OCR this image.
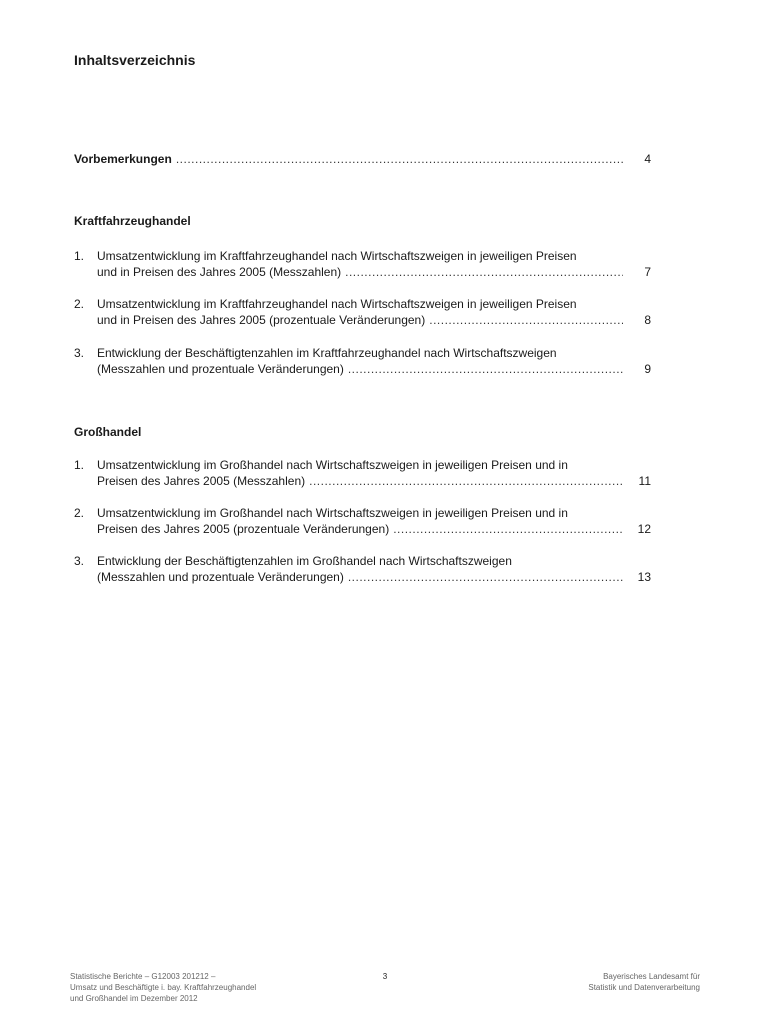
Inhaltsverzeichnis
Vorbemerkungen .....	4
Kraftfahrzeughandel
1. Umsatzentwicklung im Kraftfahrzeughandel nach Wirtschaftszweigen in jeweiligen Preisen
und in Preisen des Jahres 2005 (Messzahlen) .....	7
2. Umsatzentwicklung im Kraftfahrzeughandel nach Wirtschaftszweigen in jeweiligen Preisen
und in Preisen des Jahres 2005 (prozentuale Veränderungen) .....	8
3. Entwicklung der Beschäftigtenzahlen im Kraftfahrzeughandel nach Wirtschaftszweigen
(Messzahlen und prozentuale Veränderungen) .....	9
Großhandel
1. Umsatzentwicklung im Großhandel nach Wirtschaftszweigen in jeweiligen Preisen und in
Preisen des Jahres 2005 (Messzahlen) .....	11
2. Umsatzentwicklung im Großhandel nach Wirtschaftszweigen in jeweiligen Preisen und in
Preisen des Jahres 2005 (prozentuale Veränderungen) .....	12
3. Entwicklung der Beschäftigtenzahlen im Großhandel nach Wirtschaftszweigen
(Messzahlen und prozentuale Veränderungen) .....	13
Statistische Berichte – G12003 201212 –
Umsatz und Beschäftigte i. bay. Kraftfahrzeughandel
und Großhandel im Dezember 2012
3	Bayerisches Landesamt für
Statistik und Datenverarbeitung
